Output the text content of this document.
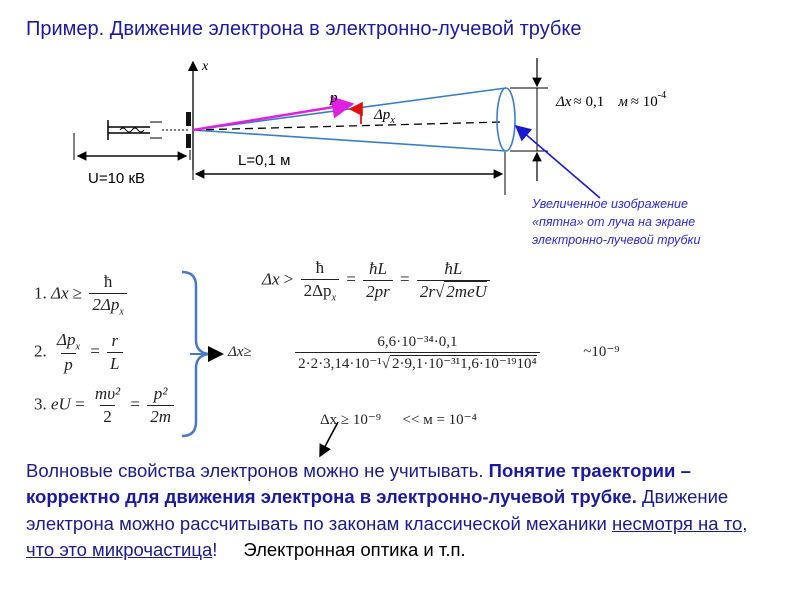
Пример. Движение электрона в электронно-лучевой трубке
x
p
$\Delta p_x$
Δx ≈ 0,1 $м \approx 10^{-4}$
U=10 кВ
L=0,1 м
Увеличенное изображение
«пятна» от луча на экране
электронно-лучевой трубки
1. $\Delta x \ge \frac{ħ}{2\Delta p_x}$
2. $\frac{\Delta p_x}{p} = \frac{r}{L}$
3. eU = $\frac{\text{mυ²}}{2} = \frac{\text{p²}}{2m}$
$\Delta x > \frac{ħ}{2\Delta p_x} = \frac{ħL}{2pr} = \frac{ħL}{\text{2r√ 2meU}}$
$\Delta x\ge \frac{\text{6,6·10⁻³⁴·0,1}}{\text{2·2·3,14·10⁻¹√ 2·9,1·10⁻³¹1,6·10⁻¹⁹10⁴}}$ ~10⁻⁹
Δx ≥ 10⁻⁹ << м = 10⁻⁴
Волновые свойства электронов можно не учитывать. Понятие траектории – корректно для движения электрона в электронно-лучевой трубке. Движение электрона можно рассчитывать по законам классической механики несмотря на то, что это микрочастица! Электронная оптика и т.п.
